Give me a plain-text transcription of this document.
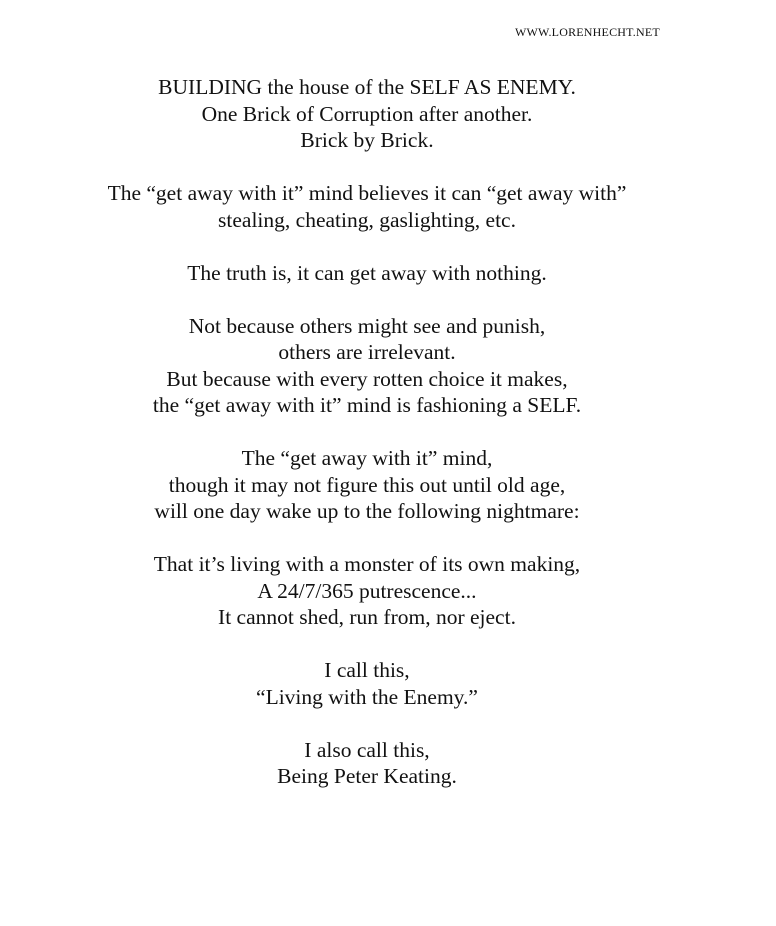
WWW.LORENHECHT.NET
BUILDING the house of the SELF AS ENEMY.
One Brick of Corruption after another.
Brick by Brick.
The “get away with it” mind believes it can “get away with”
stealing, cheating, gaslighting, etc.
The truth is, it can get away with nothing.
Not because others might see and punish,
others are irrelevant.
But because with every rotten choice it makes,
the “get away with it” mind is fashioning a SELF.
The “get away with it” mind,
though it may not figure this out until old age,
will one day wake up to the following nightmare:
That it’s living with a monster of its own making,
A 24/7/365 putrescence...
It cannot shed, run from, nor eject.
I call this,
“Living with the Enemy.”
I also call this,
Being Peter Keating.
